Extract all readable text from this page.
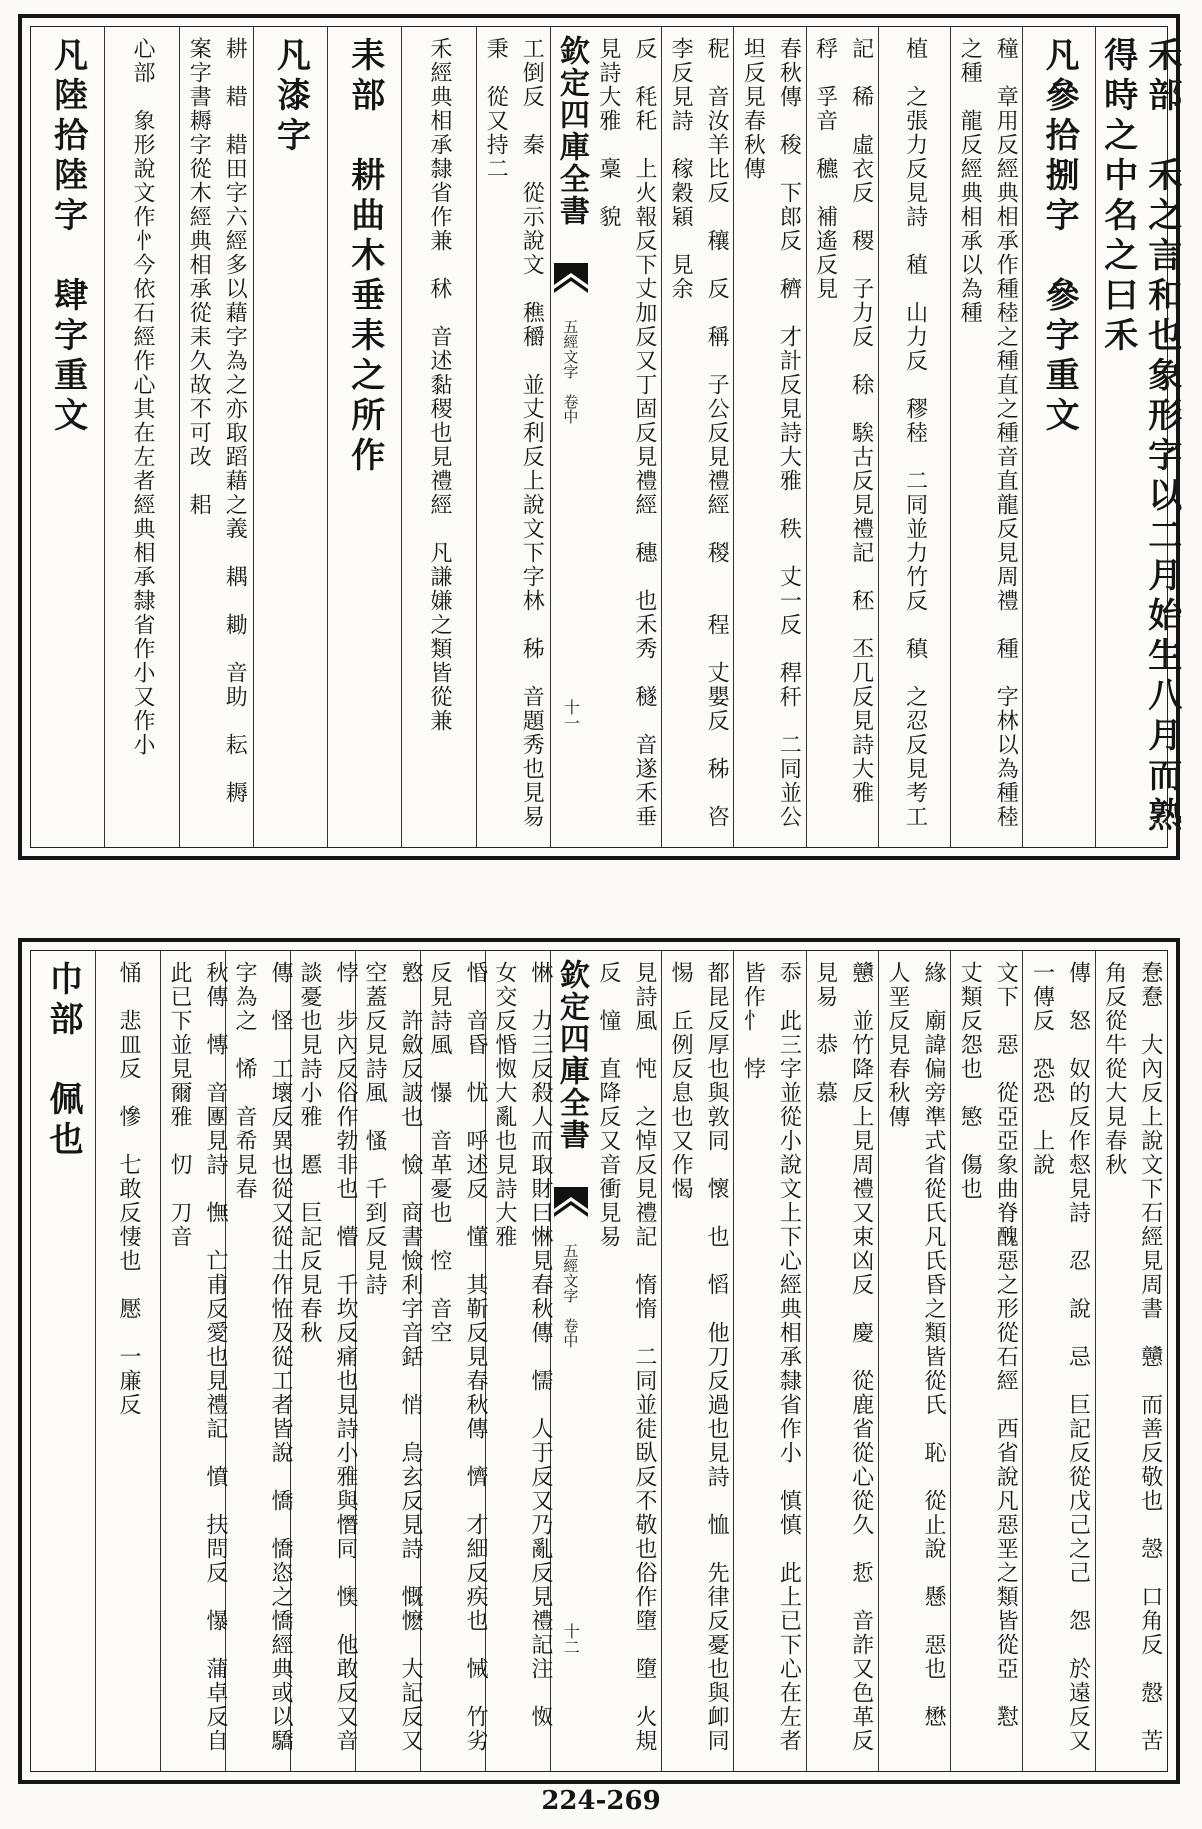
禾部　禾之言和也象形字以二月始生八月而熟得時之中名之曰禾
凡參拾捌字　參字重文
穜　章用反經典相承作種稑之種直之種音直龍反見周禮　種　字林以為種稑之種　龍反經典相承以為種
植　之張力反見詩　稙　山力反　穋稑　二同並力竹反　稹　之忍反見考工
記　稀　虛衣反　稷　子力反　稌　騃古反見禮記　秠　丕几反見詩大雅　稃　孚音　穮　補遙反見
春秋傳　稄　下郎反　穧　才計反見詩大雅　秩　丈一反　稈秆　二同並公坦反見春秋傳
秜　音汝羊比反　穰　反　稱　子公反見禮經　稯　　程　丈嬰反　秭　咨李反見詩　稼穀穎　見余
反　秏秅　上火報反下丈加反又丁固反見禮經　穗　也禾秀　穟　音遂禾垂見詩大雅　稾　貌
欽定四庫全書
五經文字　卷中
十一
工倒反　秦　從示說文　穛穱　並丈利反上說文下字林　秭　音題秀也見易　秉　從又持二
禾經典相承隸省作兼　秫　音述黏稷也見禮經　凡謙嫌之類皆從兼
耒部　耕曲木垂耒之所作
凡漆字
耕　耤　耤田字六經多以藉字為之亦取蹈藉之義　耦　耡　音助　耘　耨　案字書耨字從木經典相承從耒久故不可改　耜
心部　象形說文作㣺今依石經作心其在左者經典相承隸省作小又作小
凡陸拾陸字　肆字重文
惷憃　大內反上說文下石經見周書　戇　而善反敬也　愨　口角反　慤　苦角反從牛從大見春秋
傳　怒　奴的反作惄見詩　忍　說　忌　巨記反從戊己之己　怨　於遠反又一傳反　恐恐　上說
文下　惡　從亞亞象曲脊醜惡之形從石經　西省說凡惡垩之類皆從亞　懟　丈類反怨也　慜　傷也
緣　廟諱偏旁準式省從氏凡氏昏之類皆從氏　恥　從止說　懸　惡也　懋　人垩反見春秋傳
戇　並竹降反上見周禮又束凶反　慶　從鹿省從心從久　悊　音詐又色革反見易　恭　慕
忝　此三字並從小說文上下心經典相承隸省作小　慎慎　此上已下心在左者皆作忄　悖
都昆反厚也與敦同　懷　也　慆　他刀反過也見詩　恤　先律反憂也與卹同　惕　丘例反息也又作愒
見詩風　忳　之悼反見禮記　惰惰　二同並徒臥反不敬也俗作墮　墮　火規反　憧　直降反又音衝見易
欽定四庫全書
五經文字　卷中
十二
惏　力三反殺人而取財曰惏見春秋傳　懦　人于反又乃亂反見禮記注　怓　女交反惛怓大亂也見詩大雅
惛　音昏　忧　呼述反　懂　其靳反見春秋傳　懠　才細反疾也　悈　竹劣反見詩風　懪　音革憂也　悾　音空
憝　許斂反詖也　憸　商書憸利字音銛　悄　烏玄反見詩　慨懡　大記反又空蓋反見詩風　慅　千到反見詩
悖　步內反俗作勃非也　懵　千坎反痛也見詩小雅與憯同　懊　他敢反又音談憂也見詩小雅　慝　巨記反見春秋
傳　怪　工壞反異也從又從土作恠及從工者皆說　憍　憍恣之憍經典或以驕字為之　悕　音希見春
秋傳　慱　音團見詩　憮　亡甫反愛也見禮記　憤　扶問反　懪　蒲卓反自此已下並見爾雅　忉　刀音
悀　悲皿反　慘　七敢反悽也　懕　一廉反
巾部　佩也
224-269
